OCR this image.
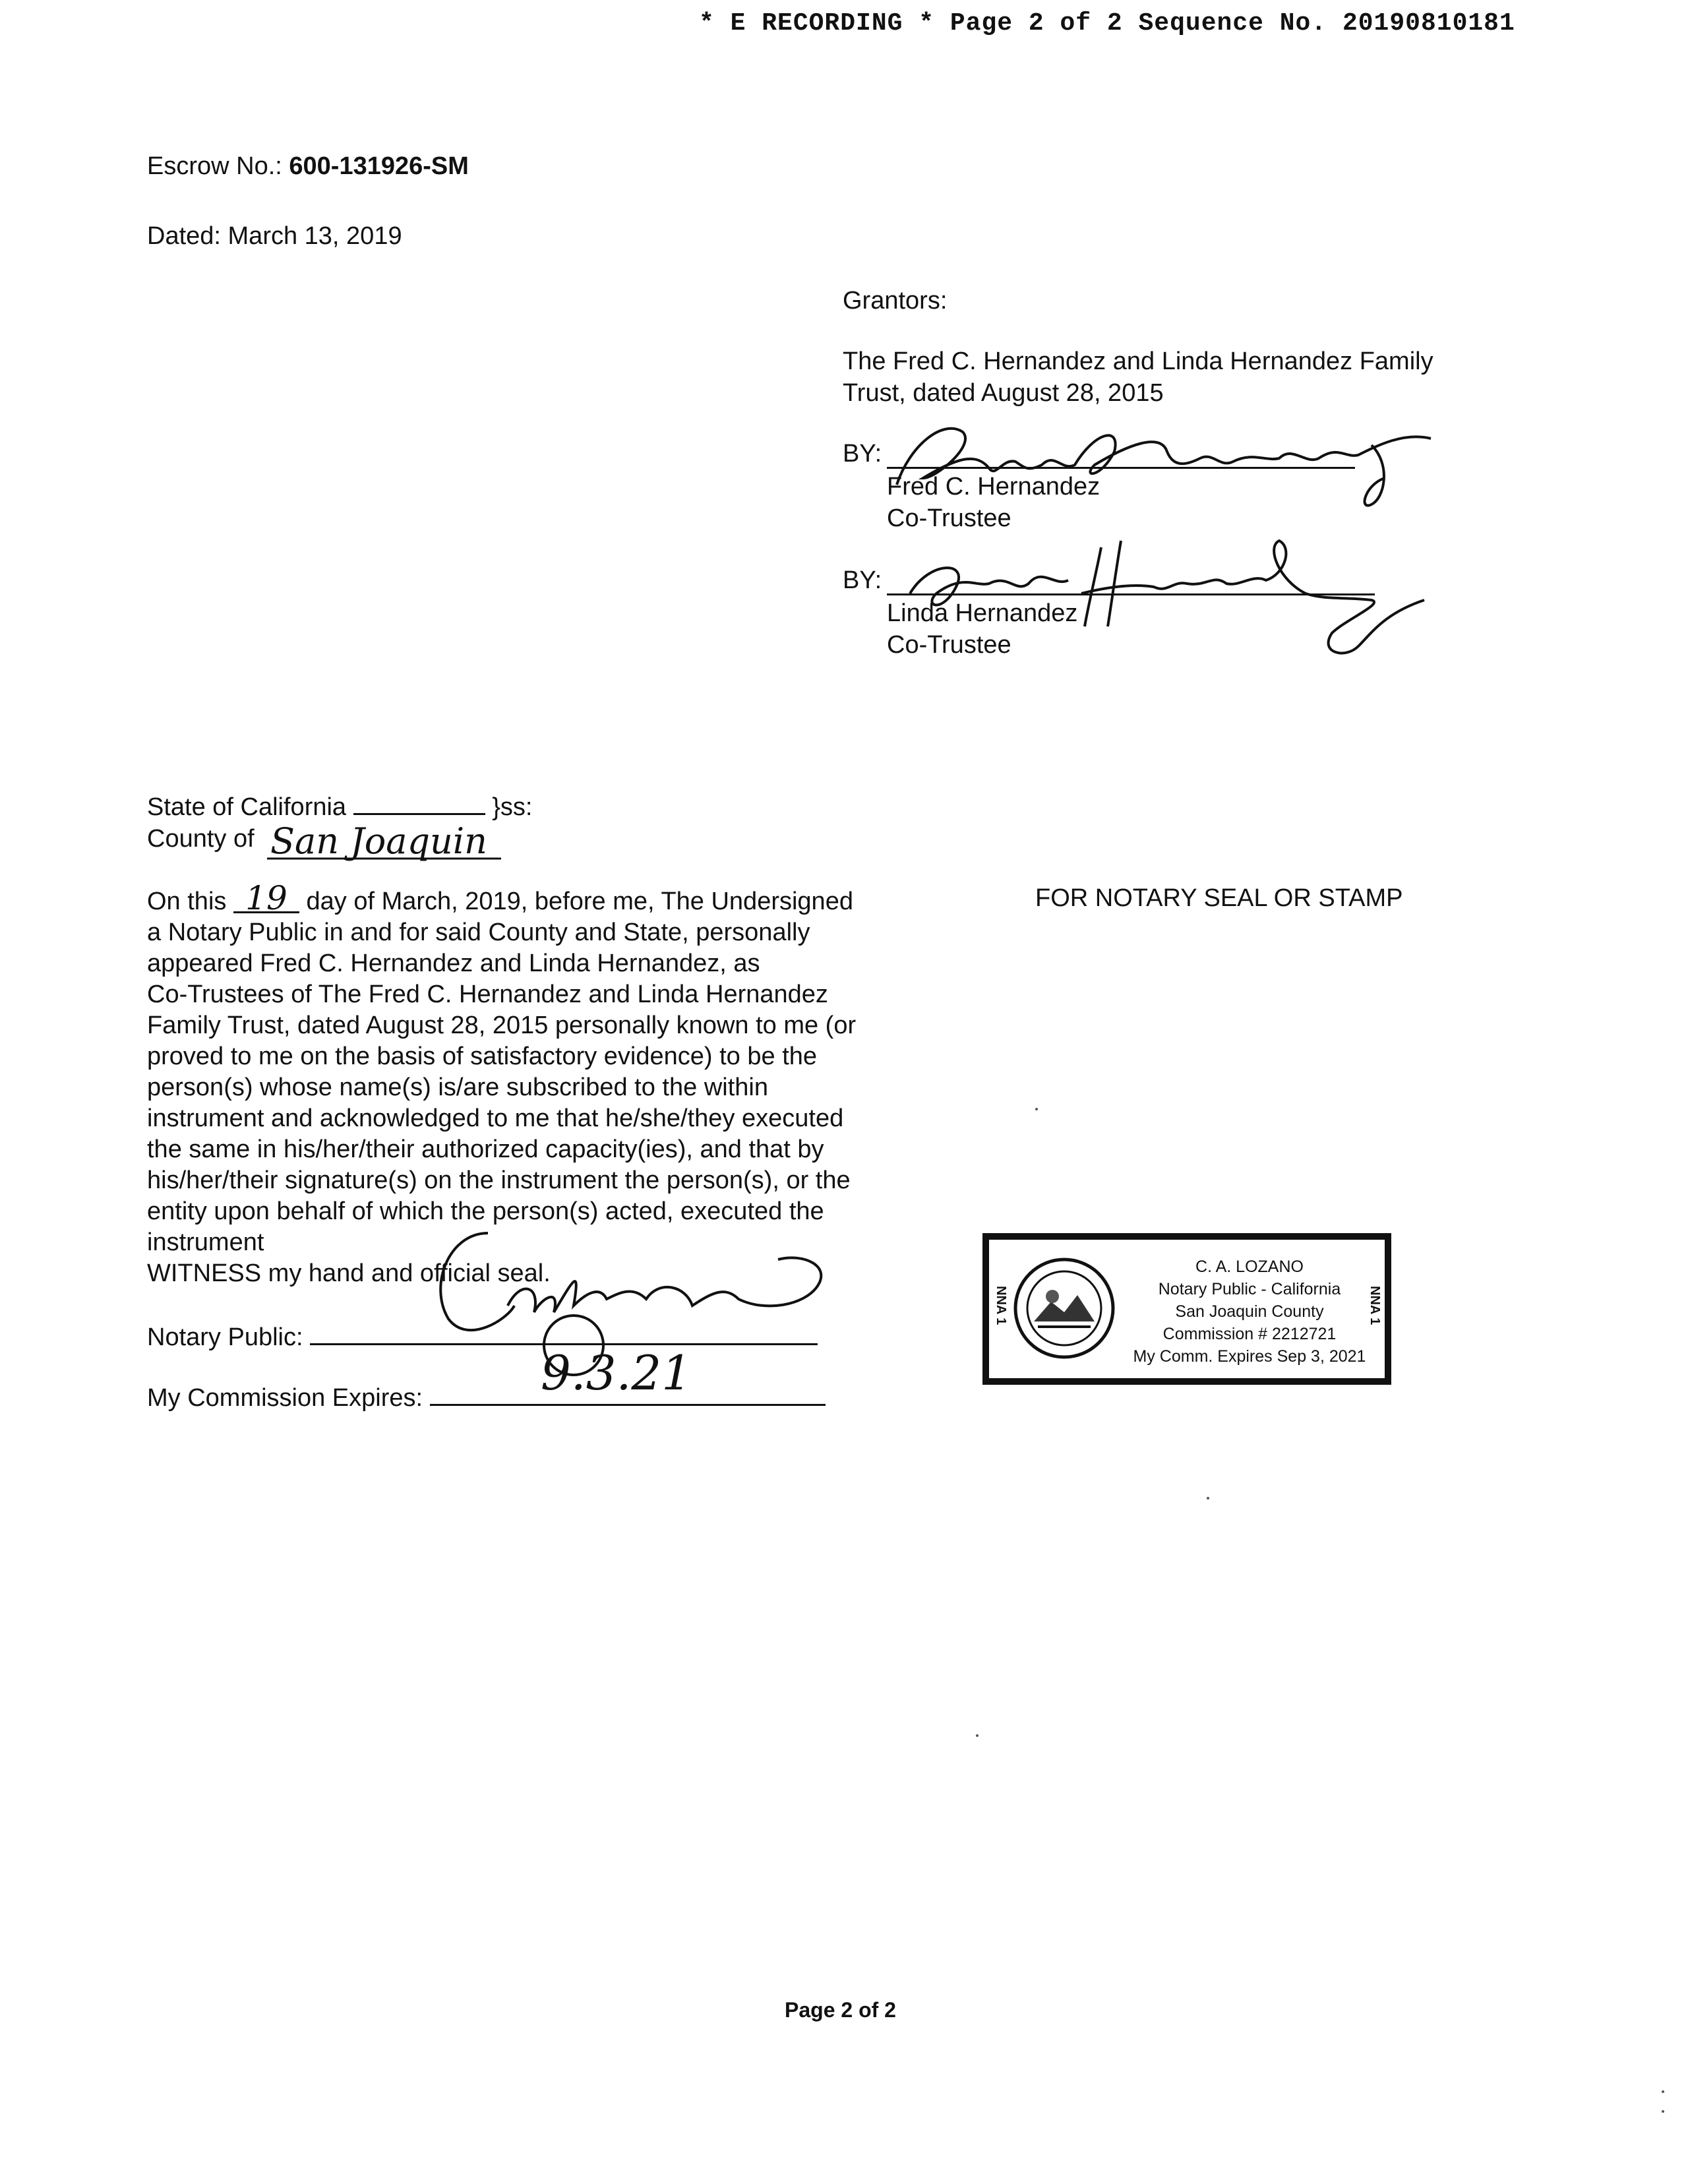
* E RECORDING * Page 2 of 2 Sequence No. 20190810181
Escrow No.: 600-131926-SM
Dated: March 13, 2019
Grantors:
The Fred C. Hernandez and Linda Hernandez Family
Trust, dated August 28, 2015
BY:
Fred C. Hernandez
Co-Trustee
BY:
Linda Hernandez
Co-Trustee
State of California	}ss:
County of San Joaquin
On this 19 day of March, 2019, before me, The Undersigned
a Notary Public in and for said County and State, personally
appeared Fred C. Hernandez and Linda Hernandez, as
Co-Trustees of The Fred C. Hernandez and Linda Hernandez
Family Trust, dated August 28, 2015 personally known to me (or
proved to me on the basis of satisfactory evidence) to be the
person(s) whose name(s) is/are subscribed to the within
instrument and acknowledged to me that he/she/they executed
the same in his/her/their authorized capacity(ies), and that by
his/her/their signature(s) on the instrument the person(s), or the
entity upon behalf of which the person(s) acted, executed the
instrument
WITNESS my hand and official seal.
Notary Public:
My Commission Expires:	9.3.21
FOR NOTARY SEAL OR STAMP
NNA 1	NNA 1
C. A. LOZANO
Notary Public - California
San Joaquin County
Commission # 2212721
My Comm. Expires Sep 3, 2021
Page 2 of 2
